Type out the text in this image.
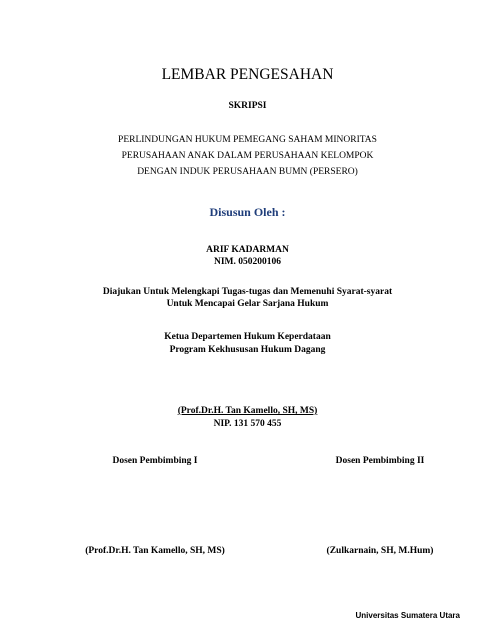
LEMBAR PENGESAHAN
SKRIPSI
PERLINDUNGAN HUKUM PEMEGANG SAHAM MINORITAS
PERUSAHAAN ANAK DALAM PERUSAHAAN KELOMPOK
DENGAN INDUK PERUSAHAAN BUMN (PERSERO)
Disusun Oleh :
ARIF KADARMAN
NIM. 050200106
Diajukan Untuk Melengkapi Tugas-tugas dan Memenuhi Syarat-syarat
Untuk Mencapai Gelar Sarjana Hukum
Ketua Departemen Hukum Keperdataan
Program Kekhususan Hukum Dagang
(Prof.Dr.H. Tan Kamello, SH, MS)
NIP. 131 570 455
Dosen Pembimbing I	Dosen Pembimbing II
(Prof.Dr.H. Tan Kamello, SH, MS)	(Zulkarnain, SH, M.Hum)
Universitas Sumatera Utara
